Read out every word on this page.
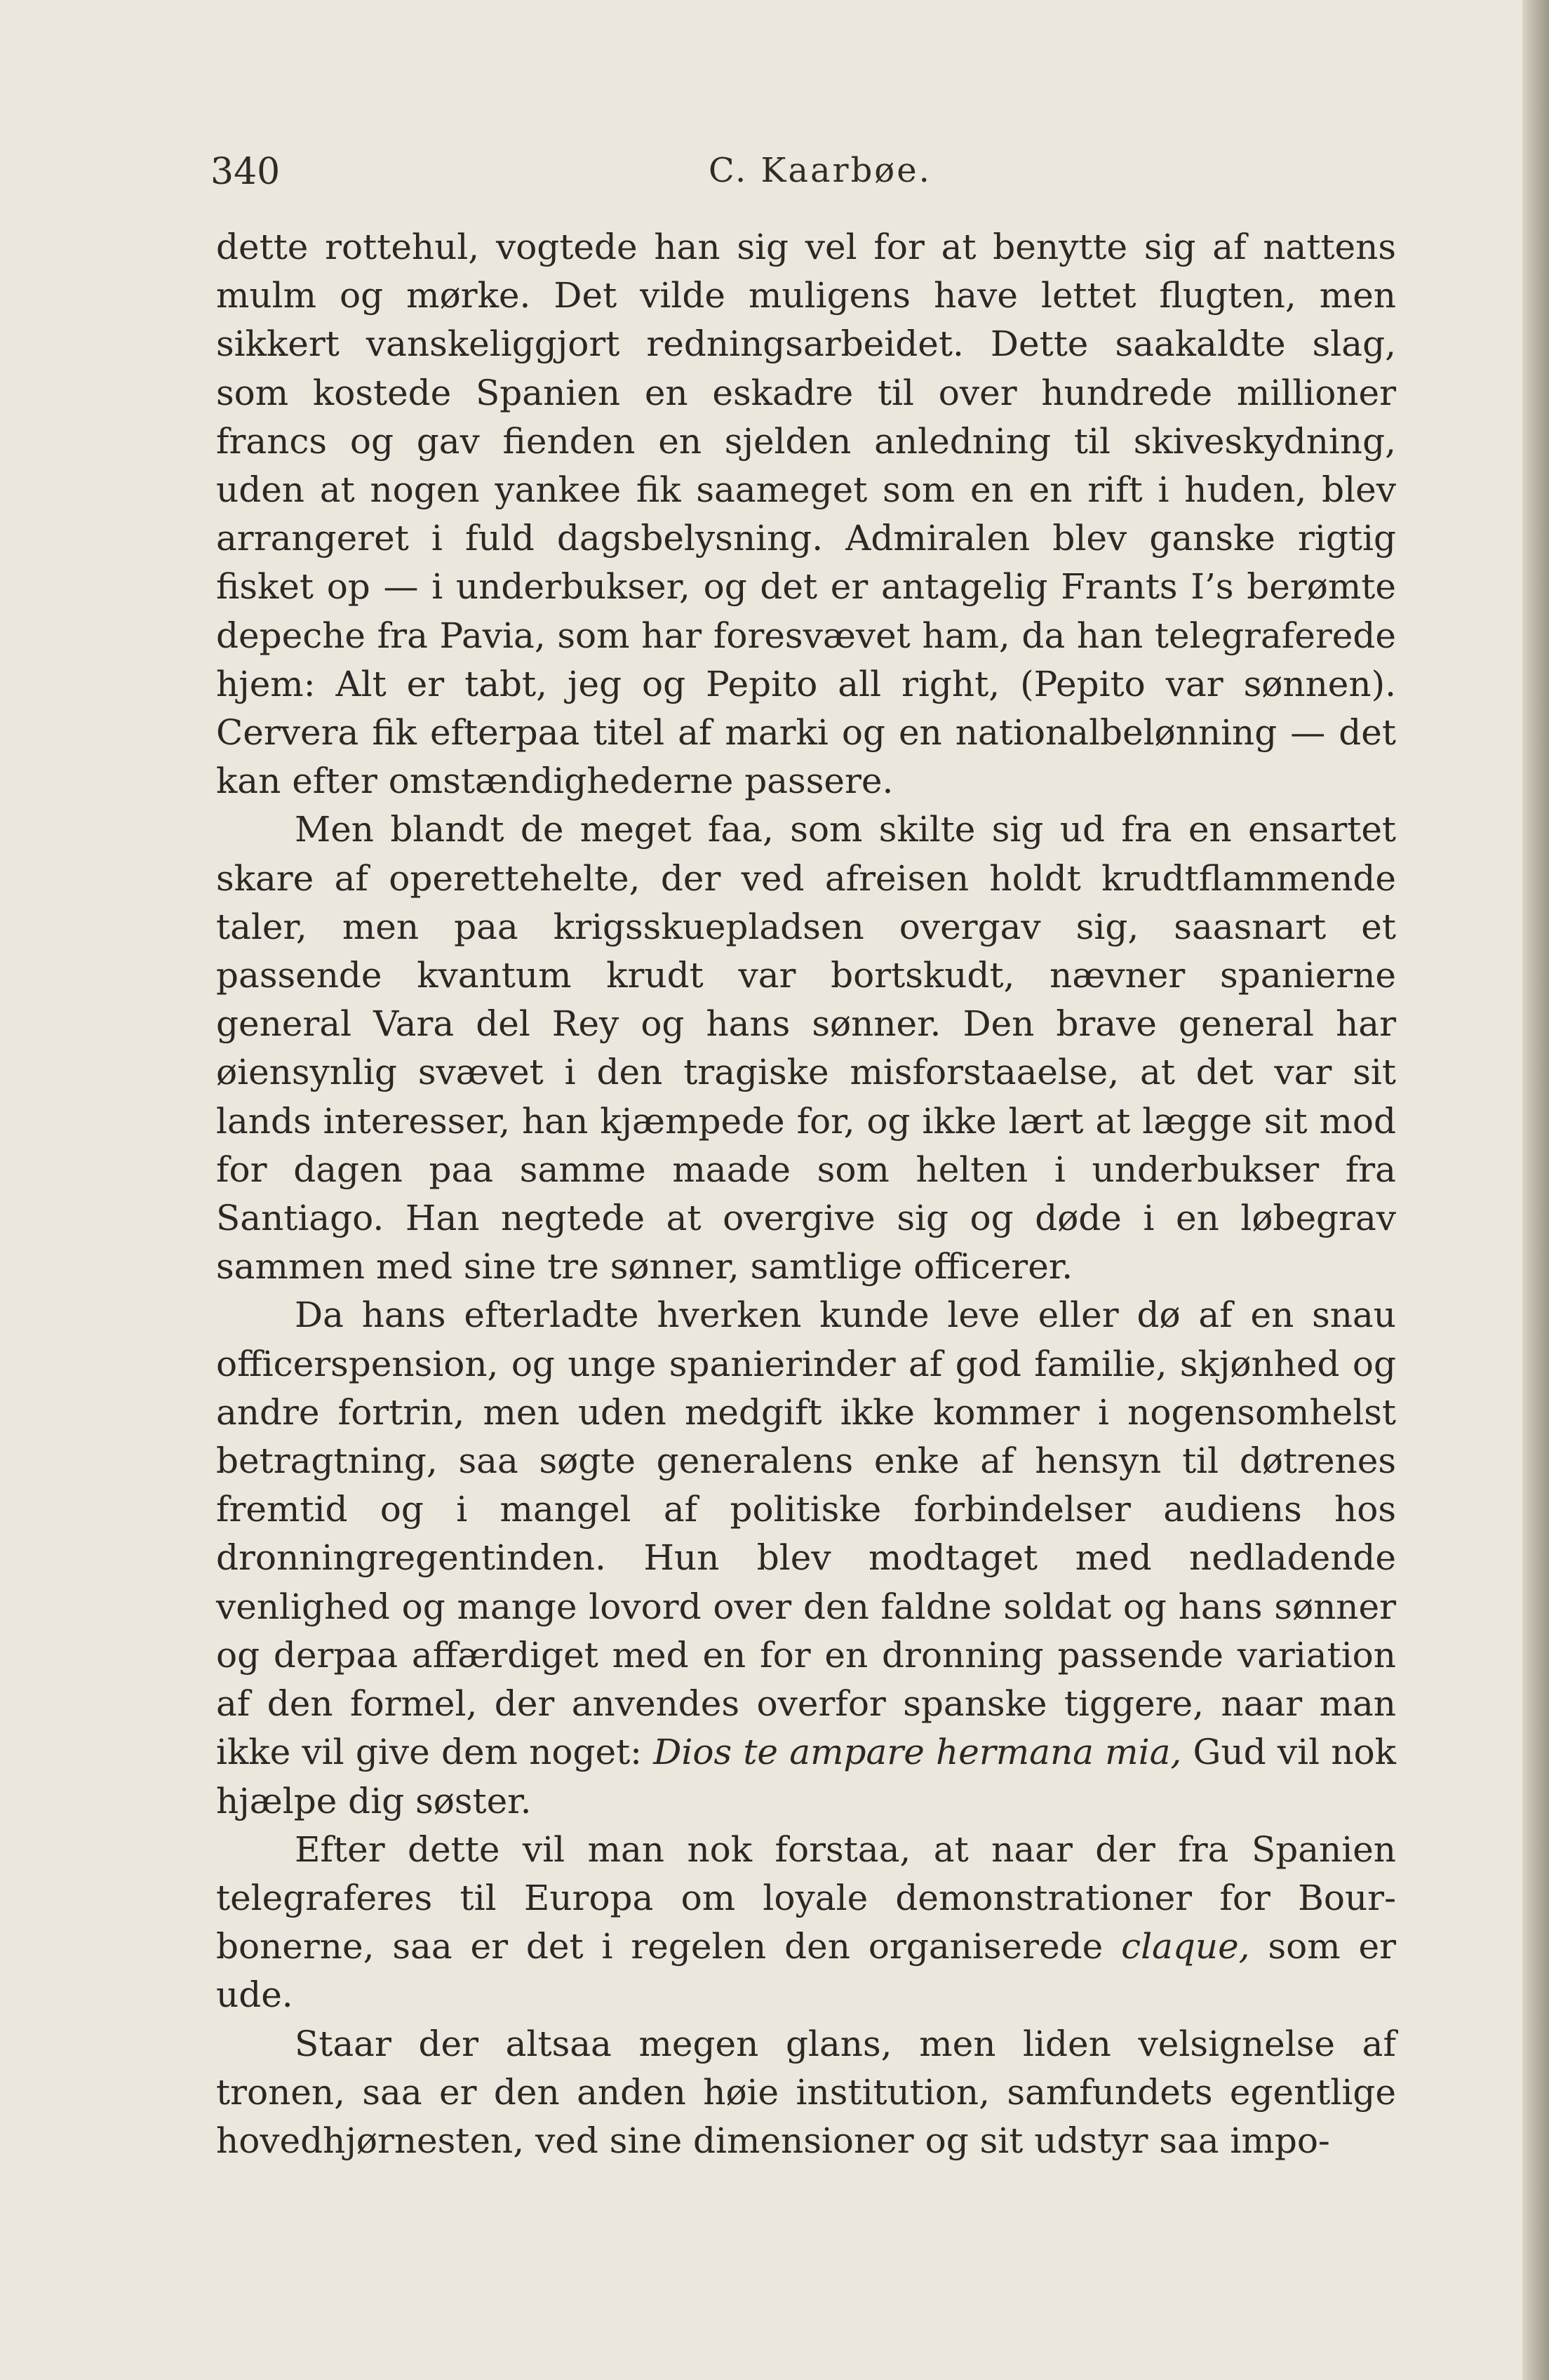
340	C. Kaarbøe.

dette rottehul, vogtede han sig vel for at benytte sig af nattens mulm og mørke. Det vilde muligens have lettet flugten, men sikkert vanskeliggjort redningsarbeidet. Dette saakaldte slag, som kostede Spanien en eskadre til over hundrede millioner francs og gav fienden en sjelden anledning til skiveskydning, uden at nogen yankee fik saameget som en en rift i huden, blev arrangeret i fuld dagsbelysning. Admiralen blev ganske rigtig fisket op — i underbukser, og det er antagelig Frants I’s berømte depeche fra Pavia, som har foresvævet ham, da han telegraferede hjem: Alt er tabt, jeg og Pepito all right, (Pepito var sønnen). Cervera fik efterpaa titel af marki og en nationalbelønning — det kan efter omstændighederne passere.

Men blandt de meget faa, som skilte sig ud fra en ensartet skare af operettehelte, der ved afreisen holdt krudtflammende taler, men paa krigsskuepladsen overgav sig, saasnart et passende kvantum krudt var bortskudt, nævner spanierne general Vara del Rey og hans sønner. Den brave general har øiensynlig svævet i den tragiske misforstaaelse, at det var sit lands interesser, han kjæmpede for, og ikke lært at lægge sit mod for dagen paa samme maade som helten i underbukser fra Santiago. Han negtede at overgive sig og døde i en løbegrav sammen med sine tre sønner, samtlige officerer.

Da hans efterladte hverken kunde leve eller dø af en snau officerspension, og unge spanierinder af god familie, skjønhed og andre fortrin, men uden medgift ikke kommer i nogensomhelst betragtning, saa søgte generalens enke af hensyn til døtrenes fremtid og i mangel af politiske forbindelser audiens hos dronningregentinden. Hun blev modtaget med nedladende venlighed og mange lovord over den faldne soldat og hans sønner og derpaa affærdiget med en for en dronning passende variation af den formel, der anvendes overfor spanske tiggere, naar man ikke vil give dem noget: Dios te ampare hermana mia, Gud vil nok hjælpe dig søster.

Efter dette vil man nok forstaa, at naar der fra Spanien telegraferes til Europa om loyale demonstrationer for Bourbonerne, saa er det i regelen den organiserede claque, som er ude.

Staar der altsaa megen glans, men liden velsignelse af tronen, saa er den anden høie institution, samfundets egentlige hovedhjørnesten, ved sine dimensioner og sit udstyr saa impo-
